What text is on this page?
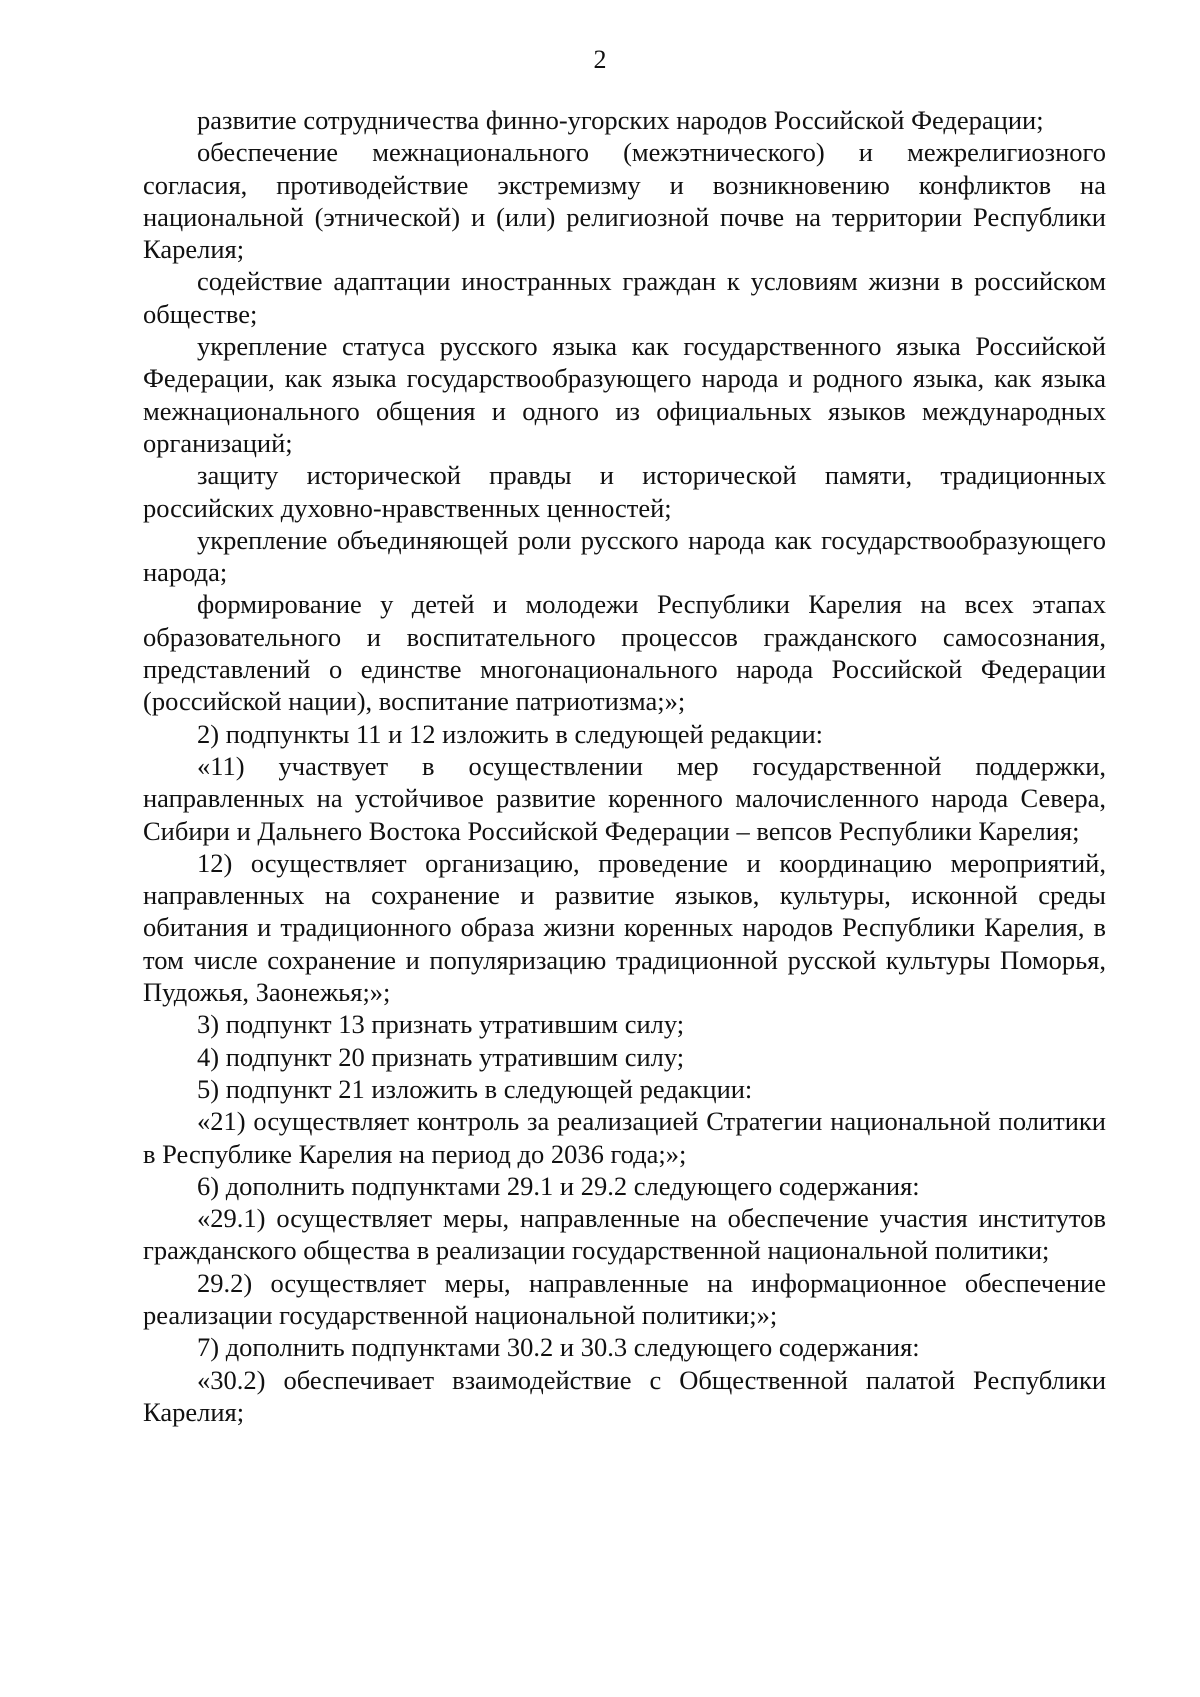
2

развитие сотрудничества финно-угорских народов Российской Федерации;

обеспечение межнационального (межэтнического) и межрелигиозного согласия, противодействие экстремизму и возникновению конфликтов на национальной (этнической) и (или) религиозной почве на территории Республики Карелия;

содействие адаптации иностранных граждан к условиям жизни в российском обществе;

укрепление статуса русского языка как государственного языка Российской Федерации, как языка государствообразующего народа и родного языка, как языка межнационального общения и одного из официальных языков международных организаций;

защиту исторической правды и исторической памяти, традиционных российских духовно-нравственных ценностей;

укрепление объединяющей роли русского народа как государствообразующего народа;

формирование у детей и молодежи Республики Карелия на всех этапах образовательного и воспитательного процессов гражданского самосознания, представлений о единстве многонационального народа Российской Федерации (российской нации), воспитание патриотизма;»;

2) подпункты 11 и 12 изложить в следующей редакции:

«11) участвует в осуществлении мер государственной поддержки, направленных на устойчивое развитие коренного малочисленного народа Севера, Сибири и Дальнего Востока Российской Федерации – вепсов Республики Карелия;

12) осуществляет организацию, проведение и координацию мероприятий, направленных на сохранение и развитие языков, культуры, исконной среды обитания и традиционного образа жизни коренных народов Республики Карелия, в том числе сохранение и популяризацию традиционной русской культуры Поморья, Пудожья, Заонежья;»;

3) подпункт 13 признать утратившим силу;

4) подпункт 20 признать утратившим силу;

5) подпункт 21 изложить в следующей редакции:

«21) осуществляет контроль за реализацией Стратегии национальной политики в Республике Карелия на период до 2036 года;»;

6) дополнить подпунктами 29.1 и 29.2 следующего содержания:

«29.1) осуществляет меры, направленные на обеспечение участия институтов гражданского общества в реализации государственной национальной политики;

29.2) осуществляет меры, направленные на информационное обеспечение реализации государственной национальной политики;»;

7) дополнить подпунктами 30.2 и 30.3 следующего содержания:

«30.2) обеспечивает взаимодействие с Общественной палатой Республики Карелия;
